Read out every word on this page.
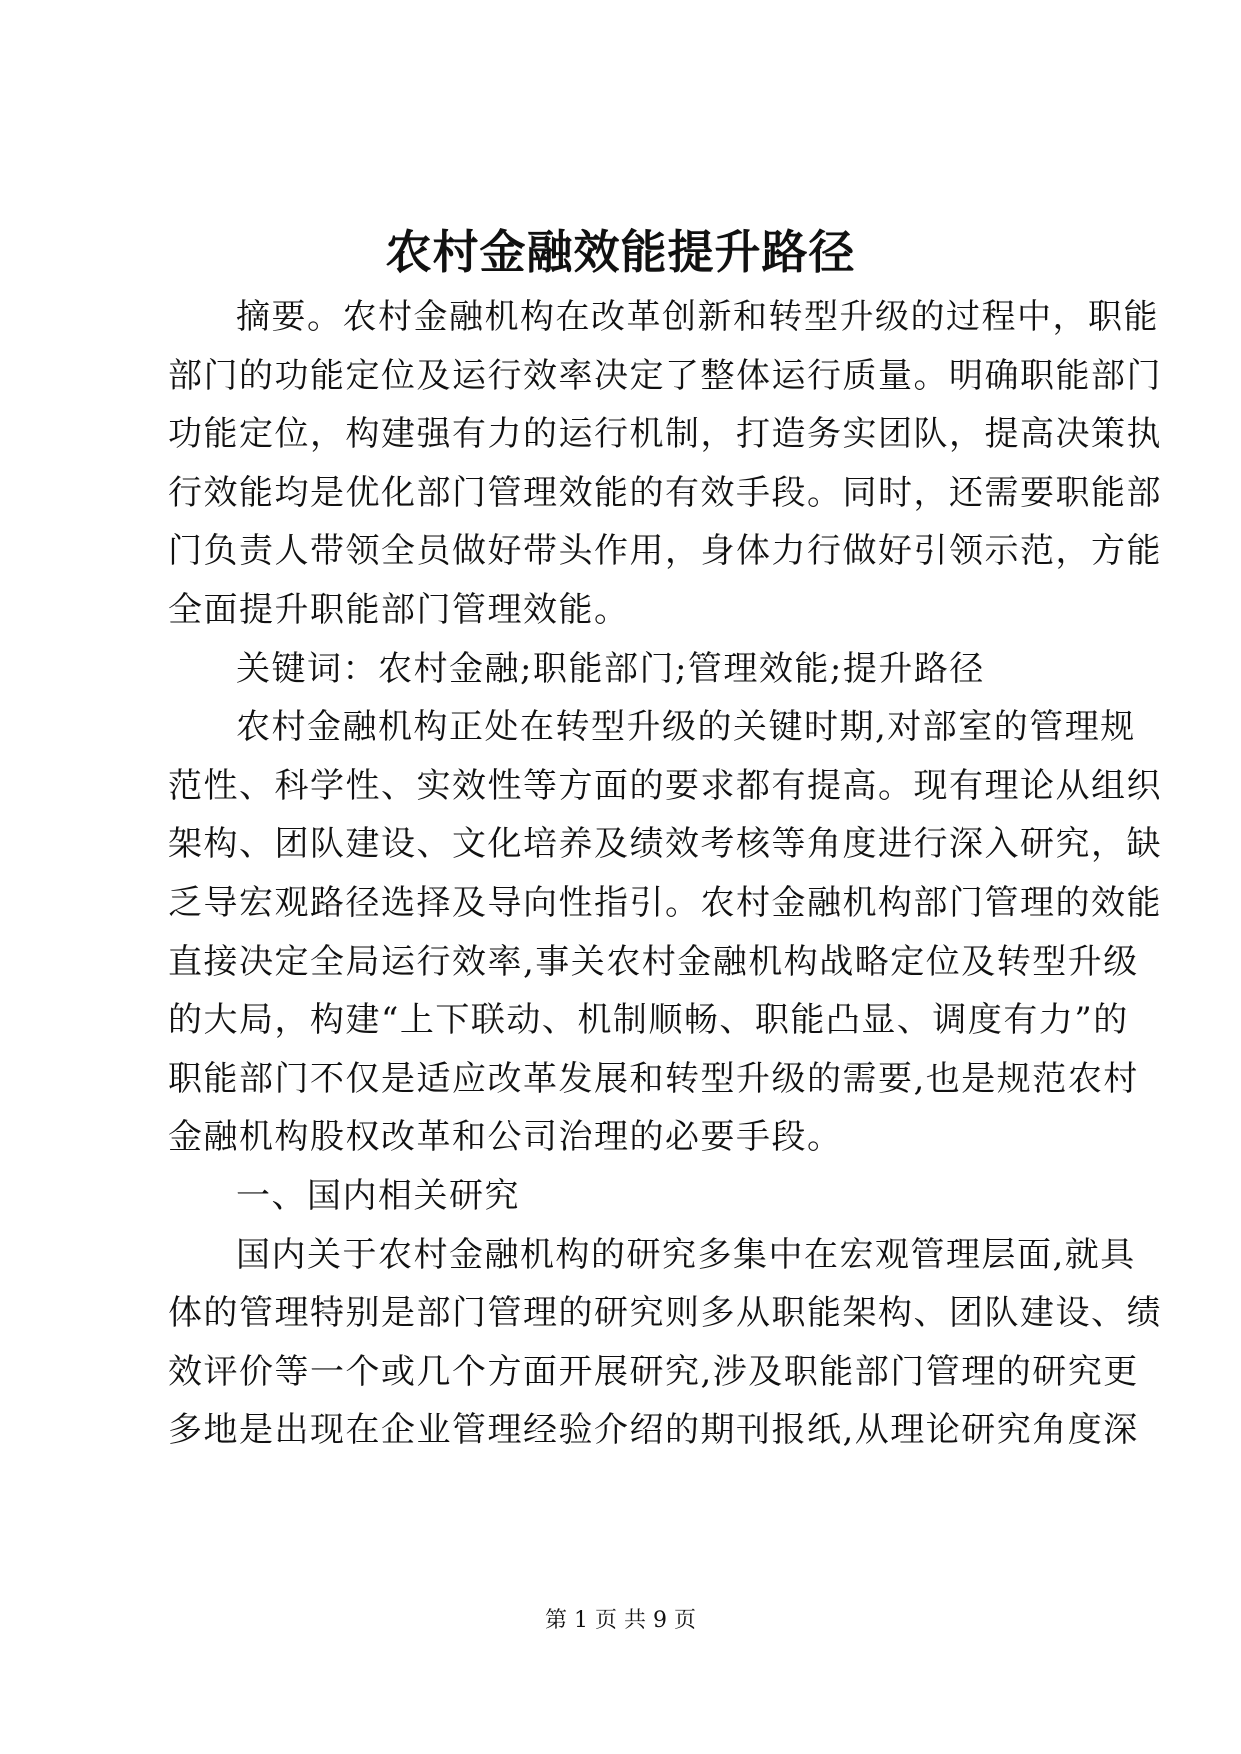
农村金融效能提升路径
摘要。农村金融机构在改革创新和转型升级的过程中，职能
部门的功能定位及运行效率决定了整体运行质量。明确职能部门
功能定位，构建强有力的运行机制，打造务实团队，提高决策执
行效能均是优化部门管理效能的有效手段。同时，还需要职能部
门负责人带领全员做好带头作用，身体力行做好引领示范，方能
全面提升职能部门管理效能。
关键词：农村金融;职能部门;管理效能;提升路径
农村金融机构正处在转型升级的关键时期,对部室的管理规
范性、科学性、实效性等方面的要求都有提高。现有理论从组织
架构、团队建设、文化培养及绩效考核等角度进行深入研究，缺
乏导宏观路径选择及导向性指引。农村金融机构部门管理的效能
直接决定全局运行效率,事关农村金融机构战略定位及转型升级
的大局，构建“上下联动、机制顺畅、职能凸显、调度有力”的
职能部门不仅是适应改革发展和转型升级的需要,也是规范农村
金融机构股权改革和公司治理的必要手段。
一、国内相关研究
国内关于农村金融机构的研究多集中在宏观管理层面,就具
体的管理特别是部门管理的研究则多从职能架构、团队建设、绩
效评价等一个或几个方面开展研究,涉及职能部门管理的研究更
多地是出现在企业管理经验介绍的期刊报纸,从理论研究角度深
第 1 页 共 9 页
